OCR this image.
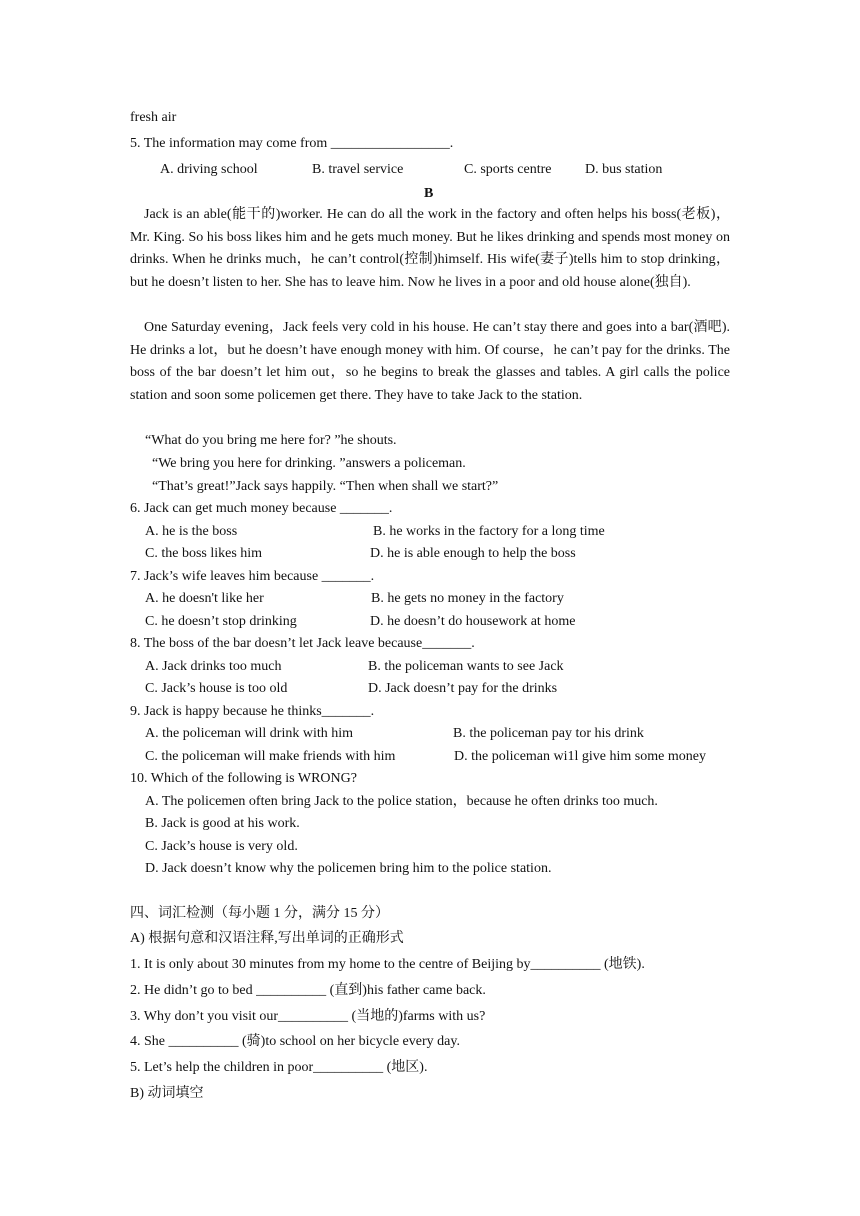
fresh air
5. The information may come from _________________.
A. driving school	B. travel service	C. sports centre D. bus station
B
Jack is an able(能干的)worker. He can do all the work in the factory and often helps his boss(老板)，Mr. King. So his boss likes him and he gets much money. But he likes drinking and spends most money on drinks. When he drinks much，he can’t control(控制)himself. His wife(妻子)tells him to stop drinking，but he doesn’t listen to her. She has to leave him. Now he lives in a poor and old house alone(独自).
One Saturday evening，Jack feels very cold in his house. He can’t stay there and goes into a bar(酒吧). He drinks a lot，but he doesn’t have enough money with him. Of course，he can’t pay for the drinks. The boss of the bar doesn’t let him out，so he begins to break the glasses and tables. A girl calls the police station and soon some policemen get there. They have to take Jack to the station.
“What do you bring me here for? ”he shouts.
“We bring you here for drinking. ”answers a policeman.
“That’s great!”Jack says happily. “Then when shall we start?”
6. Jack can get much money because _______.
A. he is the boss	B. he works in the factory for a long time
C. the boss likes him	D. he is able enough to help the boss
7. Jack’s wife leaves him because _______.
A. he doesn't like her	B. he gets no money in the factory
C. he doesn’t stop drinking	D. he doesn’t do housework at home
8. The boss of the bar doesn’t let Jack leave because_______.
A. Jack drinks too much	B. the policeman wants to see Jack
C. Jack’s house is too old	D. Jack doesn’t pay for the drinks
9. Jack is happy because he thinks_______.
A. the policeman will drink with him	B. the policeman pay tor his drink
C. the policeman will make friends with him	D. the policeman wi1l give him some money
10. Which of the following is WRONG?
A. The policemen often bring Jack to the police station，because he often drinks too much.
B. Jack is good at his work.
C. Jack’s house is very old.
D. Jack doesn’t know why the policemen bring him to the police station.
四、词汇检测（每小题 1 分，满分 15 分）
A) 根据句意和汉语注释,写出单词的正确形式
1. It is only about 30 minutes from my home to the centre of Beijing by__________ (地铁).
2. He didn’t go to bed __________ (直到)his father came back.
3. Why don’t you visit our__________ (当地的)farms with us?
4. She __________ (骑)to school on her bicycle every day.
5. Let’s help the children in poor__________ (地区).
B) 动词填空
